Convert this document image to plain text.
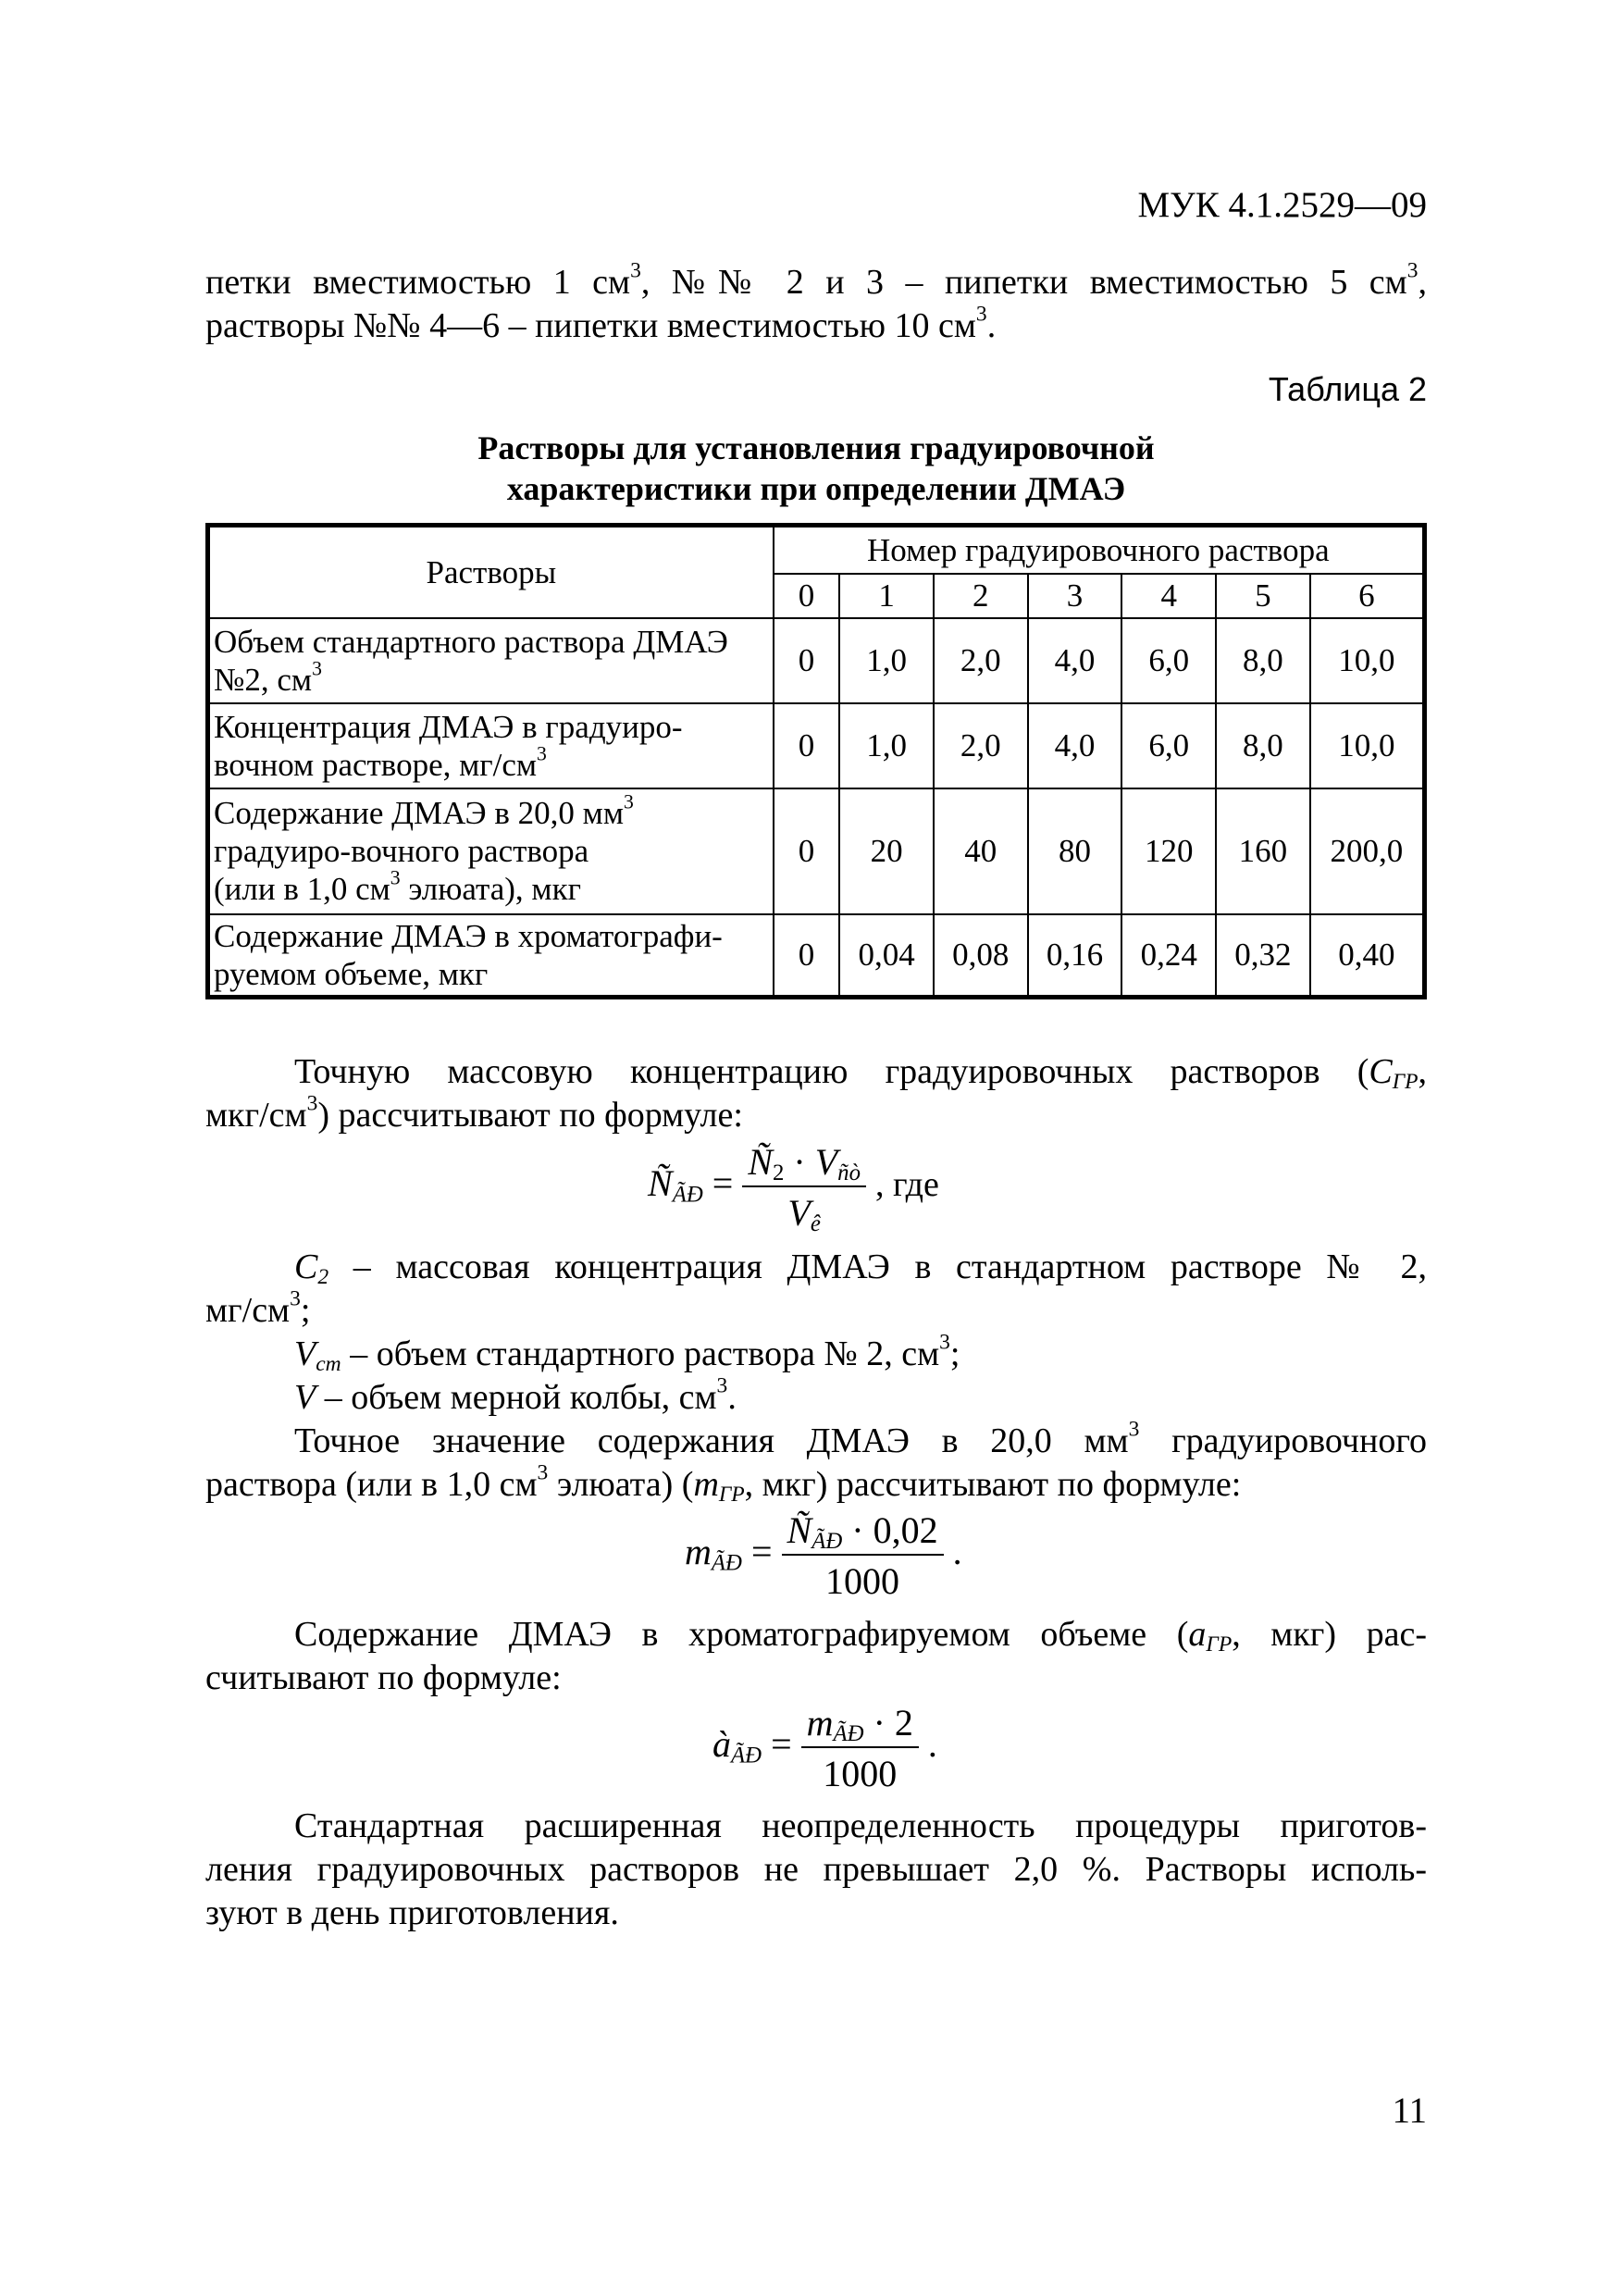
МУК 4.1.2529—09
петки вместимостью 1 $см^3$, №№ 2 и 3 – пипетки вместимостью 5 $см^3$,
растворы №№ 4—6 – пипетки вместимостью 10 $см^3$.
Таблица 2
Растворы для установления градуировочной
характеристики при определении ДМАЭ
Растворы	Номер градуировочного раствора						
	0	1	2	3	4	5	6
Объем стандартного раствора ДМАЭ №2, $см^3$	0	1,0	2,0	4,0	6,0	8,0	10,0
Концентрация ДМАЭ в градуиро-вочном растворе, $мг/см^3$	0	1,0	2,0	4,0	6,0	8,0	10,0
Содержание ДМАЭ в 20,0 $мм^3$ градуиро-вочного раствора
(или в 1,0 $см^3$ элюата), мкг	0	20	40	80	120	160	200,0
Содержание ДМАЭ в хроматографи-руемом объеме, мкг	0	0,04	0,08	0,16	0,24	0,32	0,40
Точную массовую концентрацию градуировочных растворов ($C_{ГР}$,
мкг/$см^3$) рассчитывают по формуле:
$Ñ_{ÃÐ} = \frac{Ñ_2 \cdot V_{ñò}}{V_ê}$ , где
$C_2$ – массовая концентрация ДМАЭ в стандартном растворе № 2,
$мг/см^3$;
$V_{cm}$ – объем стандартного раствора № 2, $см^3$;
V – объем мерной колбы, $см^3$.
Точное значение содержания ДМАЭ в 20,0 $мм^3$ градуировочного
раствора (или в 1,0 $см^3$ элюата) ($m_{ГР}$, мкг) рассчитывают по формуле:
$m_{ÃÐ} = \frac{Ñ_{ÃÐ} \cdot 0,02}{1000}$ .
Содержание ДМАЭ в хроматографируемом объеме ($a_{ГР}$, мкг) рас-
считывают по формуле:
$à_{ÃÐ} = \frac{m_{ÃÐ} \cdot 2}{1000}$ .
Стандартная расширенная неопределенность процедуры приготов-
ления градуировочных растворов не превышает 2,0 %. Растворы исполь-
зуют в день приготовления.
11
